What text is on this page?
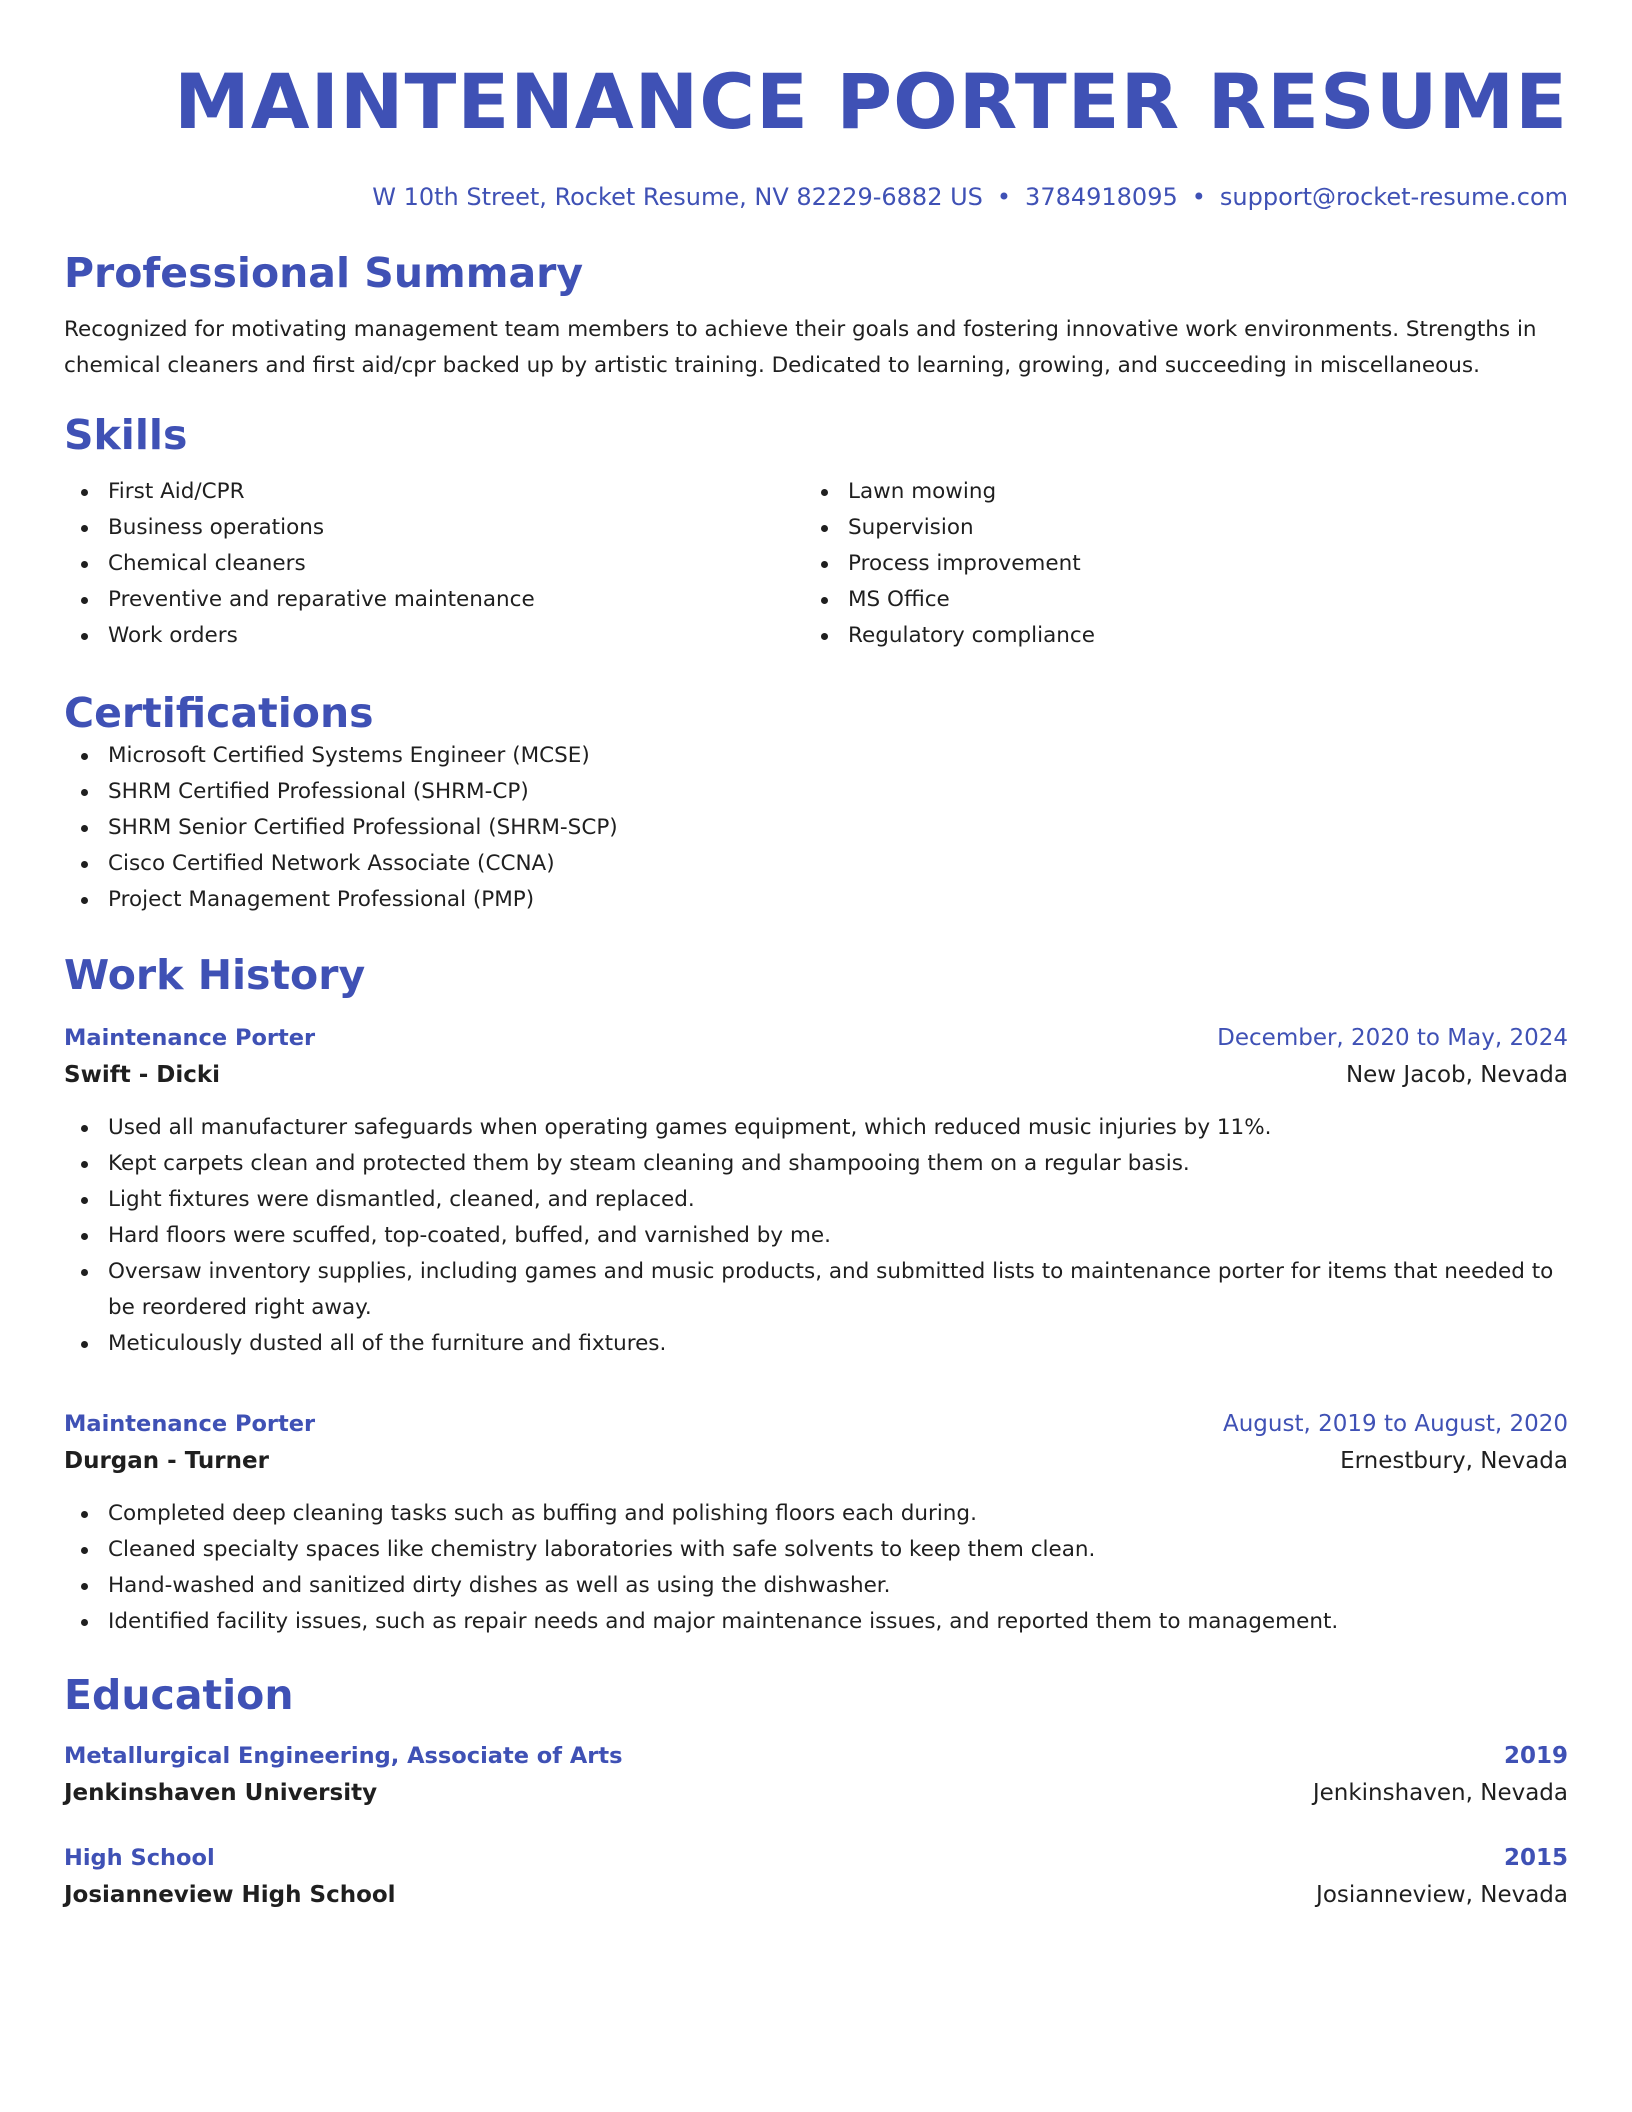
MAINTENANCE PORTER RESUME
W 10th Street, Rocket Resume, NV 82229-6882 US • 3784918095 • support@rocket-resume.com
Professional Summary

Recognized for motivating management team members to achieve their goals and fostering innovative work environments. Strengths in chemical cleaners and first aid/cpr backed up by artistic training. Dedicated to learning, growing, and succeeding in miscellaneous.

Skills
First Aid/CPR
Business operations
Chemical cleaners
Preventive and reparative maintenance
Work orders
Lawn mowing
Supervision
Process improvement
MS Office
Regulatory compliance
Certifications
Microsoft Certified Systems Engineer (MCSE)
SHRM Certified Professional (SHRM-CP)
SHRM Senior Certified Professional (SHRM-SCP)
Cisco Certified Network Associate (CCNA)
Project Management Professional (PMP)
Work History
Maintenance Porter	December, 2020 to May, 2024
Swift - Dicki	New Jacob, Nevada
Used all manufacturer safeguards when operating games equipment, which reduced music injuries by 11%.
Kept carpets clean and protected them by steam cleaning and shampooing them on a regular basis.
Light fixtures were dismantled, cleaned, and replaced.
Hard floors were scuffed, top-coated, buffed, and varnished by me.
Oversaw inventory supplies, including games and music products, and submitted lists to maintenance porter for items that needed to be reordered right away.
Meticulously dusted all of the furniture and fixtures.
Maintenance Porter	August, 2019 to August, 2020
Durgan - Turner	Ernestbury, Nevada
Completed deep cleaning tasks such as buffing and polishing floors each during.
Cleaned specialty spaces like chemistry laboratories with safe solvents to keep them clean.
Hand-washed and sanitized dirty dishes as well as using the dishwasher.
Identified facility issues, such as repair needs and major maintenance issues, and reported them to management.
Education
Metallurgical Engineering, Associate of Arts	2019
Jenkinshaven University	Jenkinshaven, Nevada
High School	2015
Josianneview High School	Josianneview, Nevada
